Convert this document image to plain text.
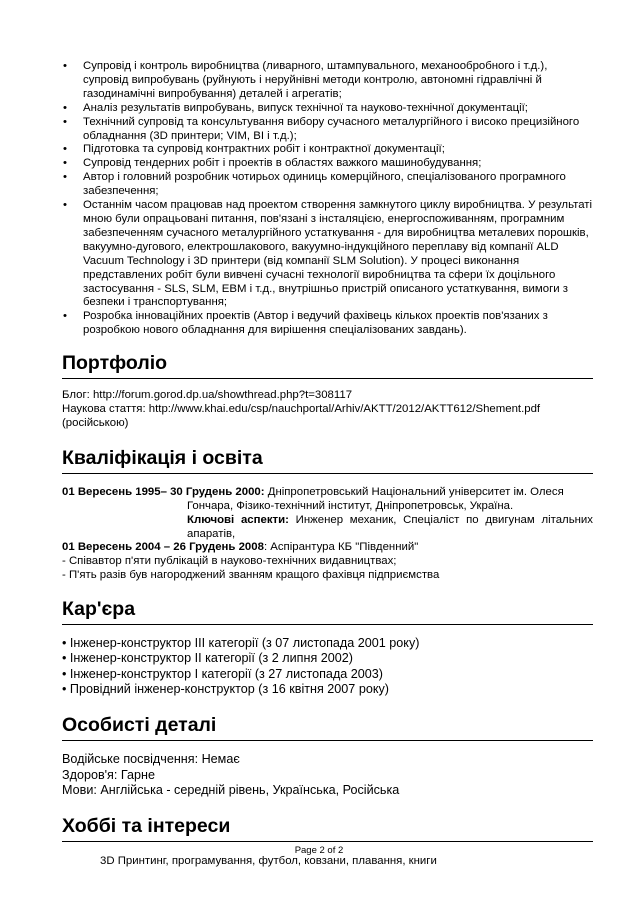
• Супровід і контроль виробництва (ливарного, штампувального, механообробного і т.д.), супровід випробувань (руйнують і неруйнівні методи контролю, автономні гідравлічні й газодинамічні випробування) деталей і агрегатів;
• Аналіз результатів випробувань, випуск технічної та науково-технічної документації;
• Технічний супровід та консультування вибору сучасного металургійного і високо прецизійного обладнання (3D принтери; VIM, BI і т.д.);
• Підготовка та супровід контрактних робіт і контрактної документації;
• Супровід тендерних робіт і проектів в областях важкого машинобудування;
• Автор і головний розробник чотирьох одиниць комерційного, спеціалізованого програмного забезпечення;
• Останнім часом працював над проектом створення замкнутого циклу виробництва. У результаті мною були опрацьовані питання, пов'язані з інсталяцією, енергоспоживанням, програмним забезпеченням сучасного металургійного устаткування - для виробництва металевих порошків, вакуумно-дугового, електрошлакового, вакуумно-індукційного переплаву від компанії ALD Vacuum Technology і 3D принтери (від компанії SLM Solution). У процесі виконання представлених робіт були вивчені сучасні технології виробництва та сфери їх доцільного застосування - SLS, SLM, EBM і т.д., внутрішньо пристрій описаного устаткування, вимоги з безпеки і транспортування;
• Розробка інноваційних проектів (Автор і ведучий фахівець кількох проектів пов'язаних з розробкою нового обладнання для вирішення спеціалізованих завдань).
Портфоліо
Блог: http://forum.gorod.dp.ua/showthread.php?t=308117
Наукова стаття: http://www.khai.edu/csp/nauchportal/Arhiv/AKTT/2012/AKTT612/Shement.pdf
(російською)
Кваліфікація і освіта
01 Вересень 1995– 30 Грудень 2000: Дніпропетровський Національний університет ім. Олеся
Гончара, Фізико-технічний інститут, Дніпропетровськ, Україна.
Ключові аспекти: Инженер механик, Спеціаліст по двигунам літальних апаратів,
01 Вересень 2004 – 26 Грудень 2008: Аспірантура КБ "Південний"
- Співавтор п'яти публікацій в науково-технічних видавництвах;
- П'ять разів був нагороджений званням кращого фахівця підприємства
Кар'єра
• Інженер-конструктор III категорії (з 07 листопада 2001 року)
• Інженер-конструктор II категорії (з 2 липня 2002)
• Інженер-конструктор I категорії (з 27 листопада 2003)
• Провідний інженер-конструктор (з 16 квітня 2007 року)
Особисті деталі
Водійське посвідчення: Немає
Здоров'я: Гарне
Мови: Англійська - середній рівень, Українська, Російська
Хоббі та інтереси
3D Принтинг, програмування, футбол, ковзани, плавання, книги
Page 2 of 2
